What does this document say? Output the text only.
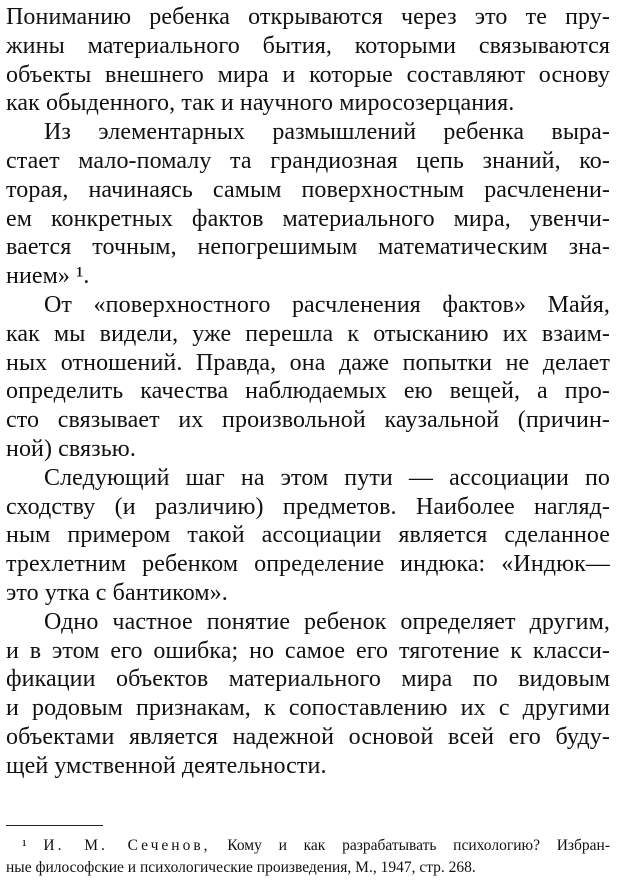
Пониманию ребенка открываются через это те пру-
жины материального бытия, которыми связываются
объекты внешнего мира и которые составляют основу
как обыденного, так и научного миросозерцания.
Из элементарных размышлений ребенка выра-
стает мало-помалу та грандиозная цепь знаний, ко-
торая, начинаясь самым поверхностным расчленени-
ем конкретных фактов материального мира, увенчи-
вается точным, непогрешимым математическим зна-
нием» ¹.
От «поверхностного расчленения фактов» Майя,
как мы видели, уже перешла к отысканию их взаим-
ных отношений. Правда, она даже попытки не делает
определить качества наблюдаемых ею вещей, а про-
сто связывает их произвольной каузальной (причин-
ной) связью.
Следующий шаг на этом пути — ассоциации по
сходству (и различию) предметов. Наиболее нагляд-
ным примером такой ассоциации является сделанное
трехлетним ребенком определение индюка: «Индюк—
это утка с бантиком».
Одно частное понятие ребенок определяет другим,
и в этом его ошибка; но самое его тяготение к класси-
фикации объектов материального мира по видовым
и родовым признакам, к сопоставлению их с другими
объектами является надежной основой всей его буду-
щей умственной деятельности.
¹ И. М. Сеченов, Кому и как разрабатывать психологию? Избран-
ные философские и психологические произведения, М., 1947, стр. 268.
